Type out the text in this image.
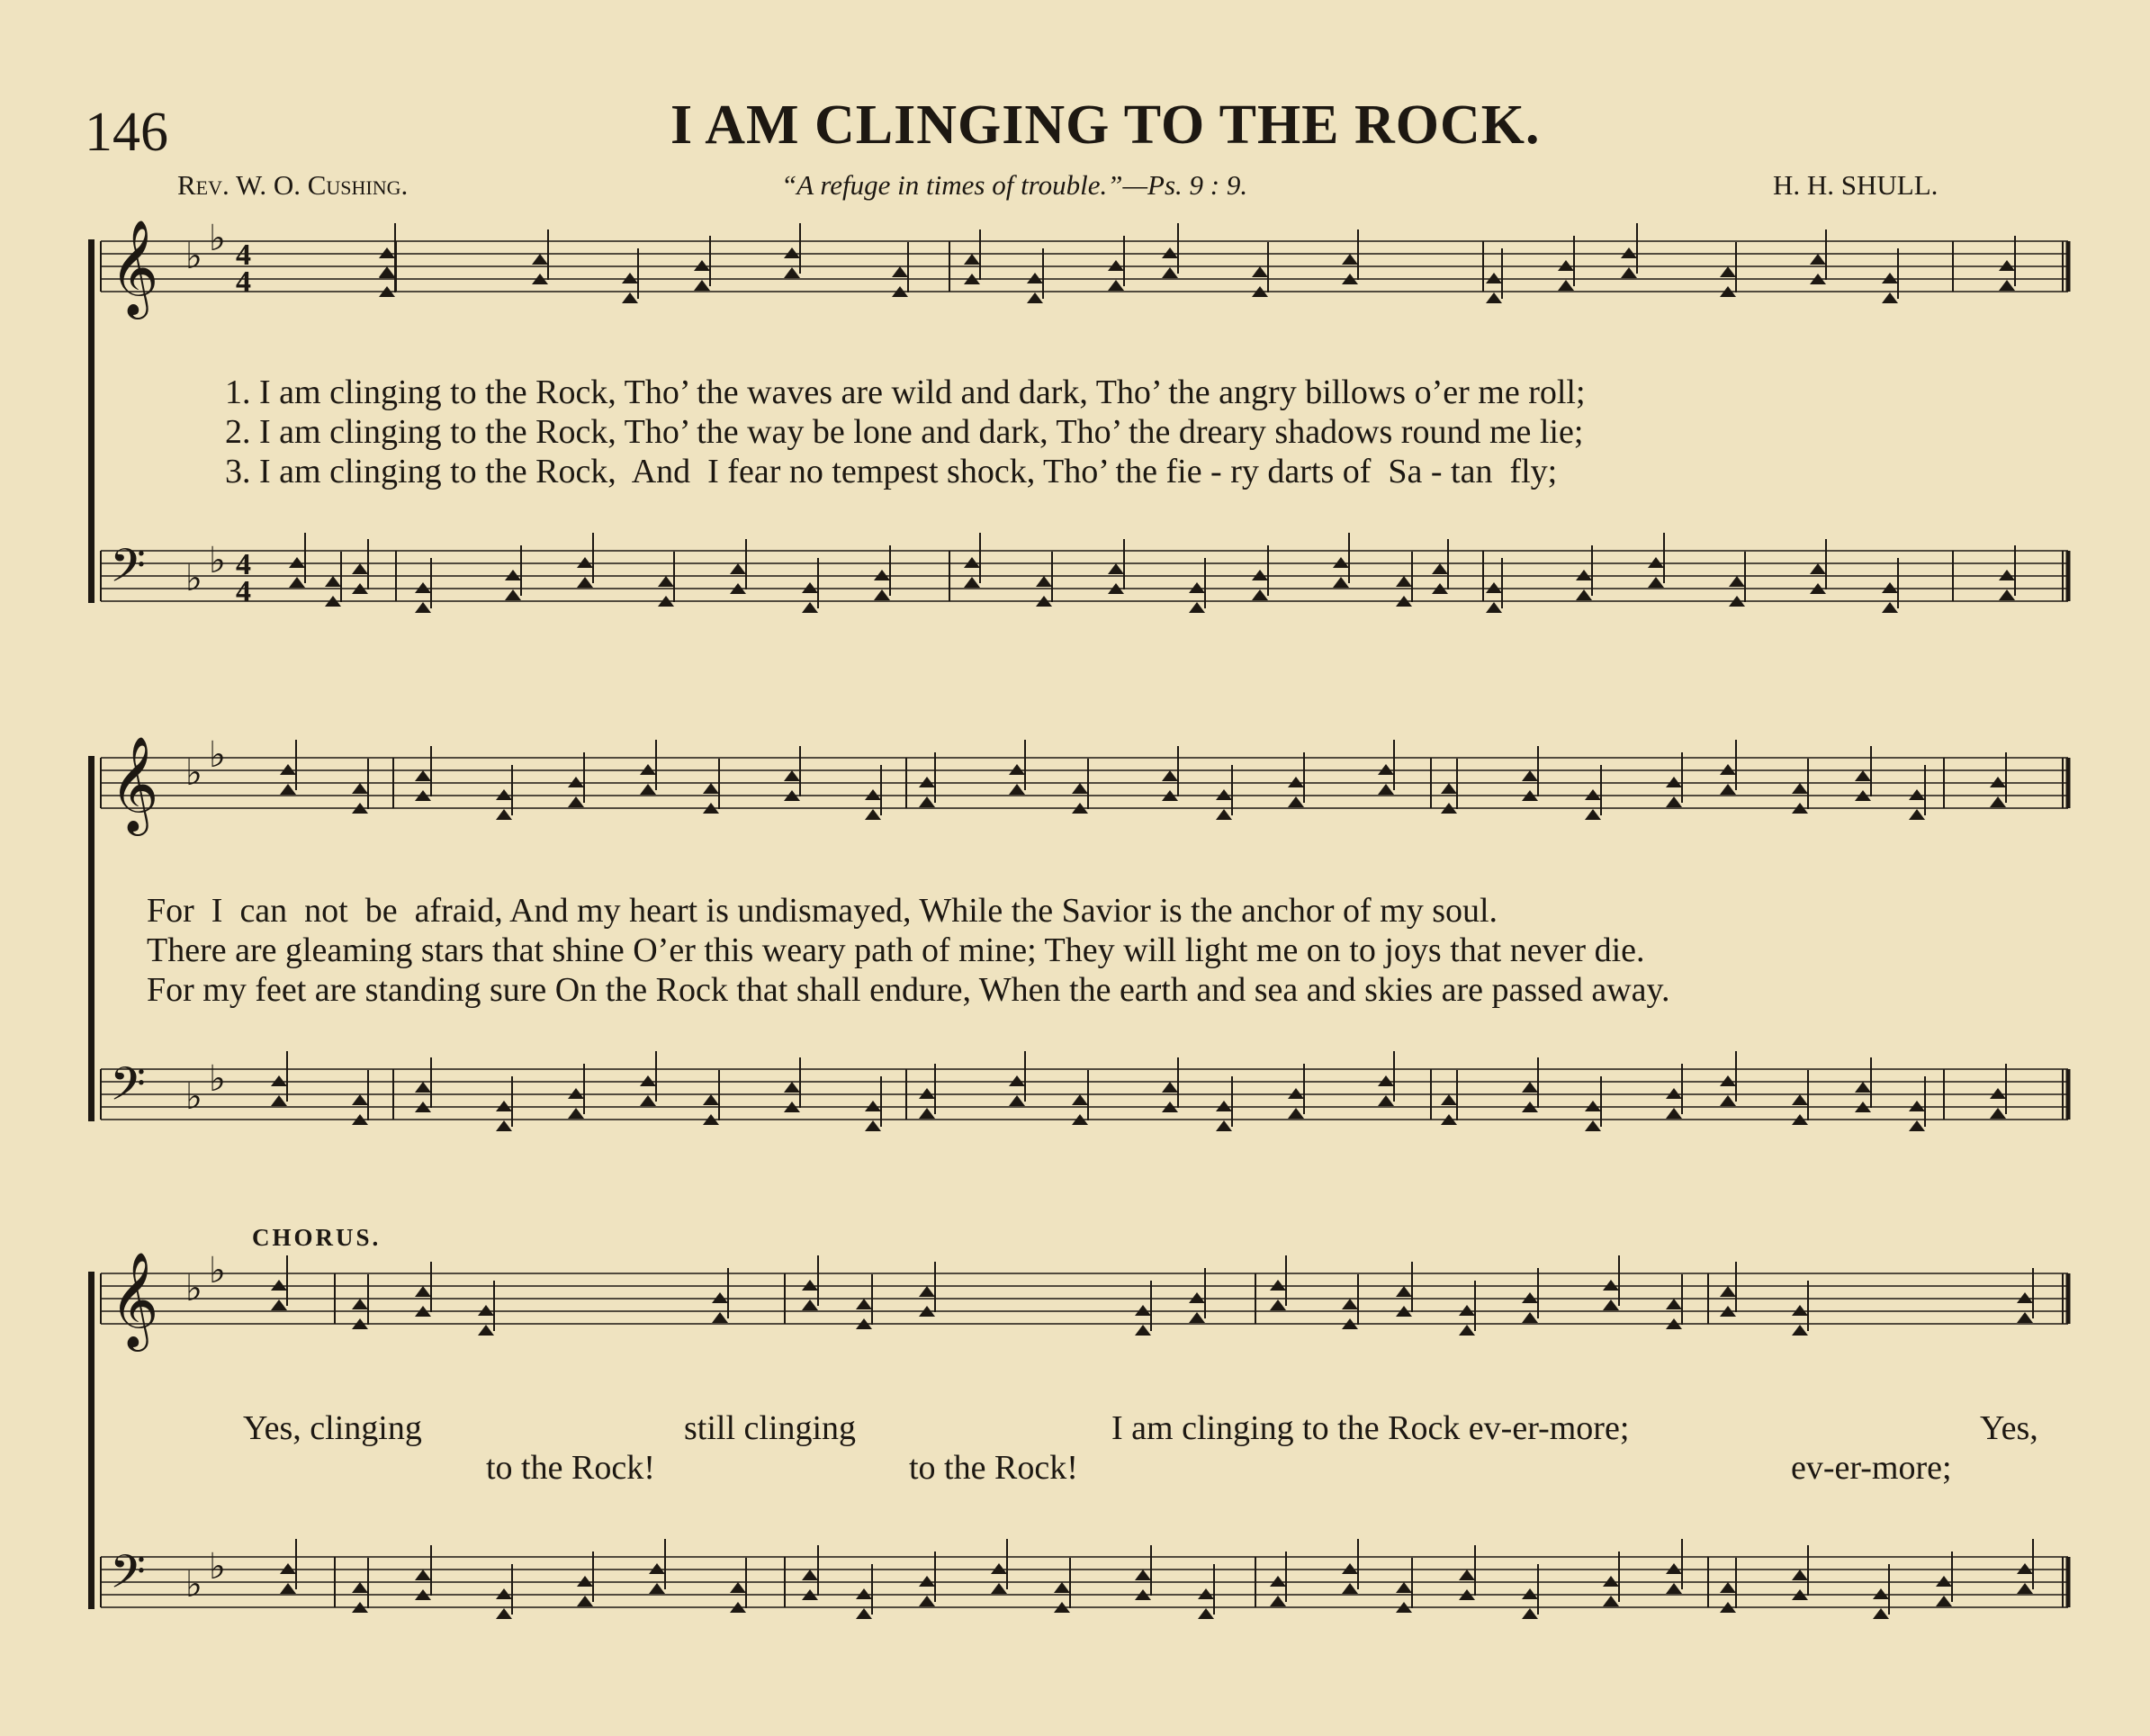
146	I AM CLINGING TO THE ROCK.
Rev. W. O. Cushing.	“A refuge in times of trouble.”—Ps. 9 : 9.	H. H. SHULL.
𝄞 ♭ ♭ 4
4
𝄢 ♭ ♭ 4
4
𝄞 ♭ ♭
𝄢 ♭ ♭
𝄞 ♭ ♭
𝄢 ♭ ♭
1. I am clinging to the Rock, Tho’ the waves are wild and dark, Tho’ the angry billows o’er me roll;
2. I am clinging to the Rock, Tho’ the way be lone and dark, Tho’ the dreary shadows round me lie;
3. I am clinging to the Rock,  And  I fear no tempest shock, Tho’ the fie - ry darts of  Sa - tan  fly;
For  I  can  not  be  afraid, And my heart is undismayed, While the Savior is the anchor of my soul.
There are gleaming stars that shine O’er this weary path of mine; They will light me on to joys that never die.
For my feet are standing sure On the Rock that shall endure, When the earth and sea and skies are passed away.
CHORUS.
Yes, clinging	still clinging	I am clinging to the Rock ev-er-more;	Yes,
to the Rock!	to the Rock!	ev-er-more;
